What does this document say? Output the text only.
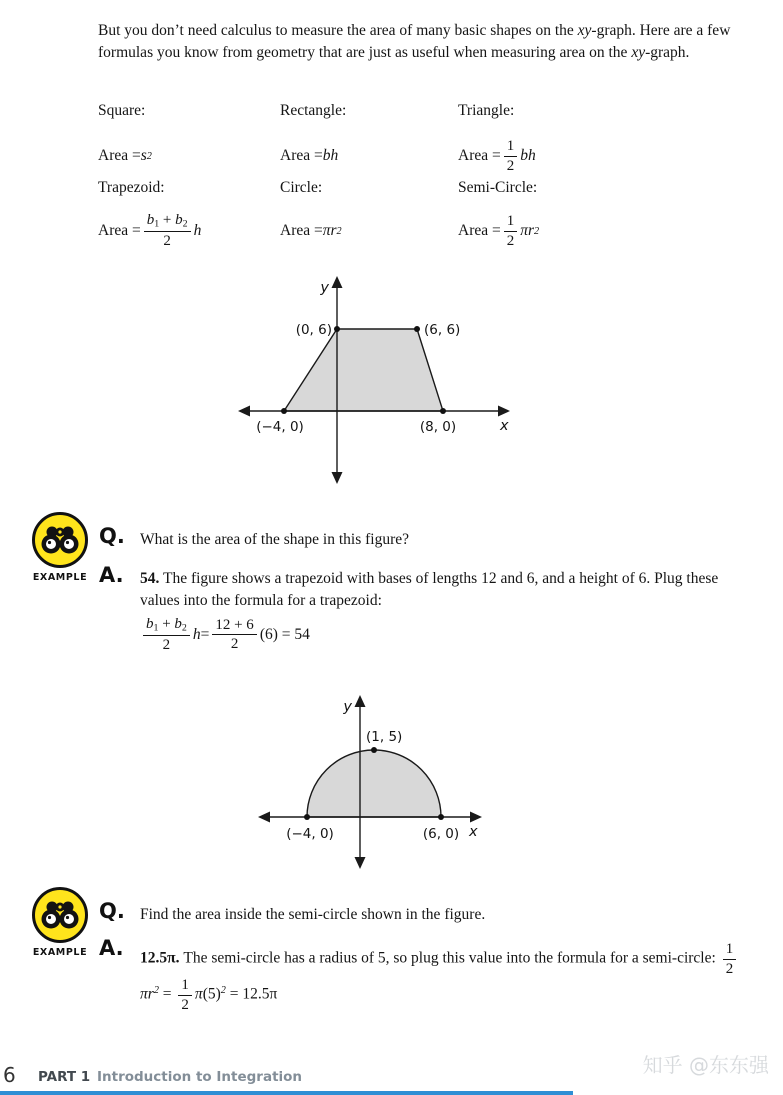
But you don’t need calculus to measure the area of many basic shapes on the xy-graph. Here are a few formulas you know from geometry that are just as useful when measuring area on the xy-graph.

Square:	Rectangle:	Triangle:
Area = s 2	Area = bh	Area = $\frac{1}{2}$ bh
Trapezoid:	Circle:	Semi-Circle:
Area = $\frac{b1 + b2}{2}$ h	Area = πr 2	Area = $\frac{1}{2}$ πr 2
(0, 6)	(6, 6)
(−4, 0)	(8, 0)	x
y
EXAMPLE
Q. What is the area of the shape in this figure?

A. 54. The figure shows a trapezoid with bases of lengths 12 and 6, and a height of 6. Plug these values into the formula for a trapezoid:

$\frac{b1 + b2}{2}$ $h = \frac{12 + 6}{2} (6) = 54$
(1, 5)
(−4, 0)	(6, 0) x
y
EXAMPLE
Q. Find the area inside the semi-circle shown in the figure.

A. 12.5π. The semi-circle has a radius of 5, so plug this value into the formula for a semi-circle: $\frac{1}{2}$
$\pi r^2 = \frac{1}{2} \pi(5)^2 = 12.5\pi$

6 PART 1 Introduction to Integration	知乎 @东东强
